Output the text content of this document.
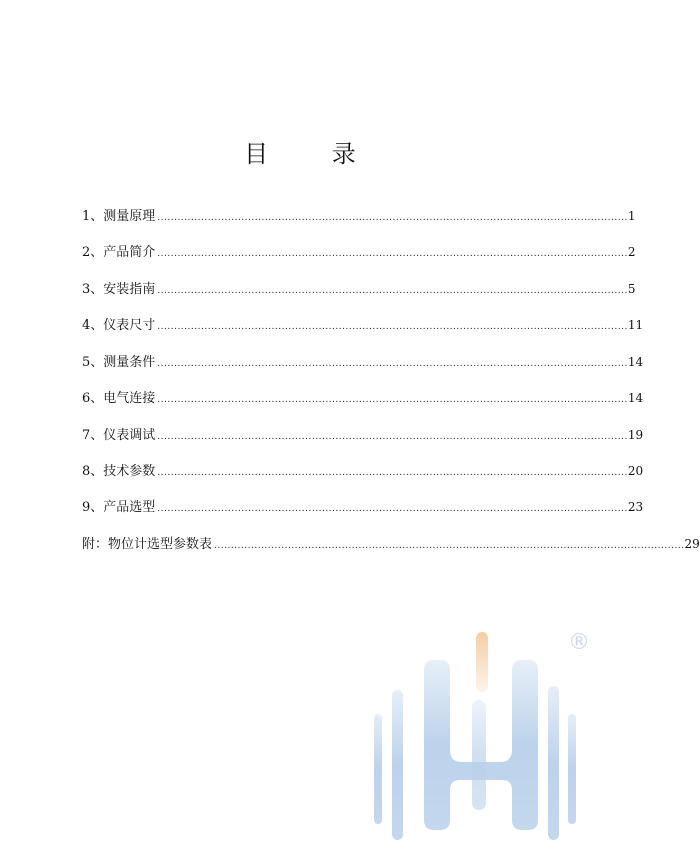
目 录
1、测量原理 ............................................................................................................................................ 1
2、产品简介 ............................................................................................................................................ 2
3、安装指南 ............................................................................................................................................ 5
4、仪表尺寸 ............................................................................................................................................ 11
5、测量条件 ............................................................................................................................................ 14
6、电气连接 ............................................................................................................................................ 14
7、仪表调试 ............................................................................................................................................ 19
8、技术参数 ............................................................................................................................................ 20
9、产品选型 ............................................................................................................................................ 23
附：物位计选型参数表 ............................................................................................................................................ 29
®
